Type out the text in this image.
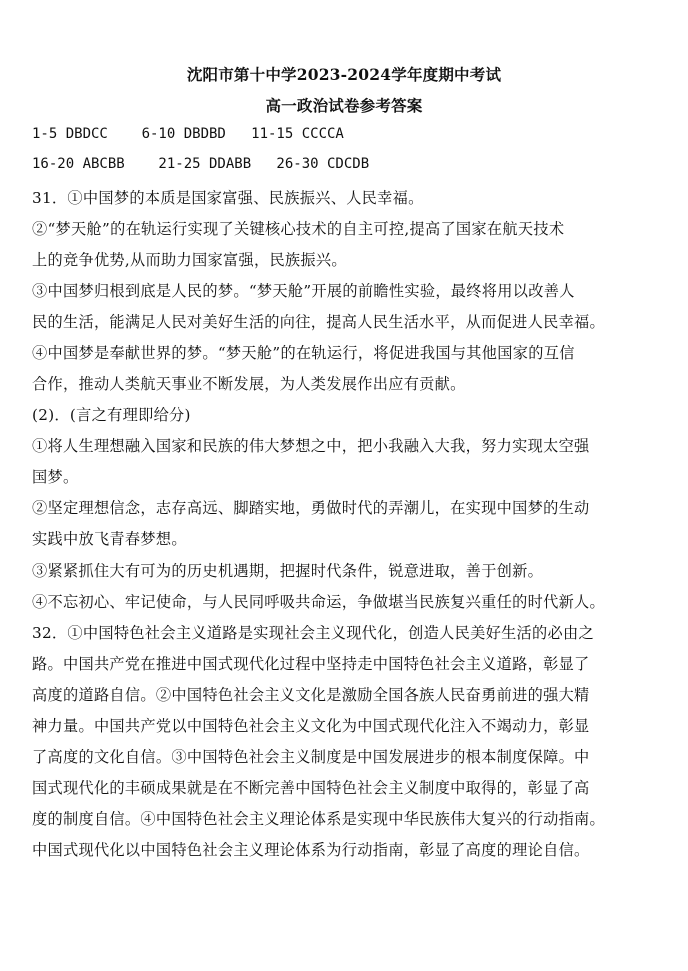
沈阳市第十中学2023-2024学年度期中考试
高一政治试卷参考答案
1-5 DBDCC    6-10 DBDBD   11-15 CCCCA
16-20 ABCBB    21-25 DDABB   26-30 CDCDB
31．①中国梦的本质是国家富强、民族振兴、人民幸福。
②“梦天舱”的在轨运行实现了关键核心技术的自主可控,提高了国家在航天技术
上的竞争优势,从而助力国家富强，民族振兴。
③中国梦归根到底是人民的梦。“梦天舱”开展的前瞻性实验，最终将用以改善人
民的生活，能满足人民对美好生活的向往，提高人民生活水平，从而促进人民幸福。
④中国梦是奉献世界的梦。“梦天舱”的在轨运行，将促进我国与其他国家的互信
合作，推动人类航天事业不断发展，为人类发展作出应有贡献。
(2)．(言之有理即给分)
①将人生理想融入国家和民族的伟大梦想之中，把小我融入大我，努力实现太空强
国梦。
②坚定理想信念，志存高远、脚踏实地，勇做时代的弄潮儿，在实现中国梦的生动
实践中放飞青春梦想。
③紧紧抓住大有可为的历史机遇期，把握时代条件，锐意进取，善于创新。
④不忘初心、牢记使命，与人民同呼吸共命运，争做堪当民族复兴重任的时代新人。
32．①中国特色社会主义道路是实现社会主义现代化，创造人民美好生活的必由之
路。中国共产党在推进中国式现代化过程中坚持走中国特色社会主义道路，彰显了
高度的道路自信。②中国特色社会主义文化是激励全国各族人民奋勇前进的强大精
神力量。中国共产党以中国特色社会主义文化为中国式现代化注入不竭动力，彰显
了高度的文化自信。③中国特色社会主义制度是中国发展进步的根本制度保障。中
国式现代化的丰硕成果就是在不断完善中国特色社会主义制度中取得的，彰显了高
度的制度自信。④中国特色社会主义理论体系是实现中华民族伟大复兴的行动指南。
中国式现代化以中国特色社会主义理论体系为行动指南，彰显了高度的理论自信。
